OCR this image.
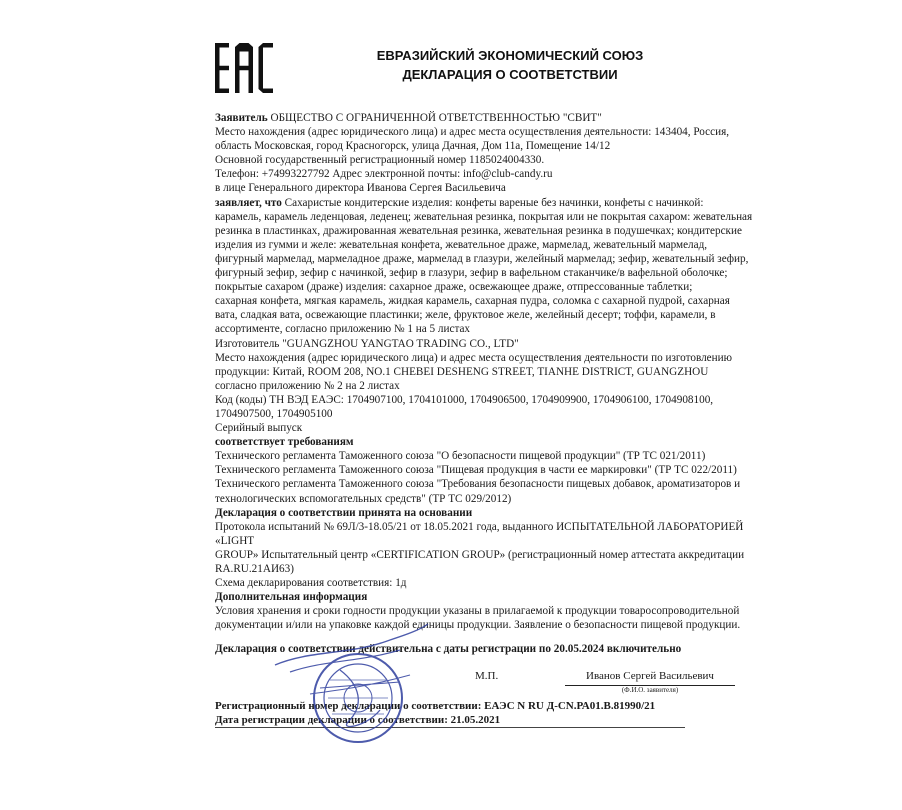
ЕВРАЗИЙСКИЙ ЭКОНОМИЧЕСКИЙ СОЮЗ
ДЕКЛАРАЦИЯ О СООТВЕТСТВИИ

Заявитель ОБЩЕСТВО С ОГРАНИЧЕННОЙ ОТВЕТСТВЕННОСТЬЮ "СВИТ"

Место нахождения (адрес юридического лица) и адрес места осуществления деятельности: 143404, Россия,

область Московская, город Красногорск, улица Дачная, Дом 11а, Помещение 14/12

Основной государственный регистрационный номер 1185024004330.

Телефон: +74993227792 Адрес электронной почты: info@club-candy.ru

в лице Генерального директора Иванова Сергея Васильевича

заявляет, что Сахаристые кондитерские изделия: конфеты вареные без начинки, конфеты с начинкой:

карамель, карамель леденцовая, леденец; жевательная резинка, покрытая или не покрытая сахаром: жевательная

резинка в пластинках, дражированная жевательная резинка, жевательная резинка в подушечках; кондитерские

изделия из гумми и желе: жевательная конфета, жевательное драже, мармелад, жевательный мармелад,

фигурный мармелад, мармеладное драже, мармелад в глазури, желейный мармелад; зефир, жевательный зефир,

фигурный зефир, зефир с начинкой, зефир в глазури, зефир в вафельном стаканчике/в вафельной оболочке;

покрытые сахаром (драже) изделия: сахарное драже, освежающее драже, отпрессованные таблетки;

сахарная конфета, мягкая карамель, жидкая карамель, сахарная пудра, соломка с сахарной пудрой, сахарная

вата, сладкая вата, освежающие пластинки; желе, фруктовое желе, желейный десерт; тоффи, карамели, в

ассортименте, согласно приложению № 1 на 5 листах

Изготовитель "GUANGZHOU YANGTAO TRADING CO., LTD"

Место нахождения (адрес юридического лица) и адрес места осуществления деятельности по изготовлению

продукции: Китай, ROOM 208, NO.1 CHEBEI DESHENG STREET, TIANHE DISTRICT, GUANGZHOU

согласно приложению № 2 на 2 листах

Код (коды) ТН ВЭД ЕАЭС: 1704907100, 1704101000, 1704906500, 1704909900, 1704906100, 1704908100,

1704907500, 1704905100

Серийный выпуск

соответствует требованиям

Технического регламента Таможенного союза "О безопасности пищевой продукции" (ТР ТС 021/2011)

Технического регламента Таможенного союза "Пищевая продукция в части ее маркировки" (ТР ТС 022/2011)

Технического регламента Таможенного союза "Требования безопасности пищевых добавок, ароматизаторов и

технологических вспомогательных средств" (ТР ТС 029/2012)

Декларация о соответствии принята на основании

Протокола испытаний № 69Л/3-18.05/21 от 18.05.2021 года, выданного ИСПЫТАТЕЛЬНОЙ ЛАБОРАТОРИЕЙ

«LIGHT

GROUP» Испытательный центр «CERTIFICATION GROUP» (регистрационный номер аттестата аккредитации

RA.RU.21АИ63)

Схема декларирования соответствия: 1д

Дополнительная информация

Условия хранения и сроки годности продукции указаны в прилагаемой к продукции товаросопроводительной

документации и/или на упаковке каждой единицы продукции. Заявление о безопасности пищевой продукции.

Декларация о соответствии действительна с даты регистрации по 20.05.2024 включительно

М.П.	Иванов Сергей Васильевич
(Ф.И.О. заявителя)
Регистрационный номер декларации о соответствии: ЕАЭС N RU Д-CN.РА01.В.81990/21
Дата регистрации декларации о соответствии: 21.05.2021
